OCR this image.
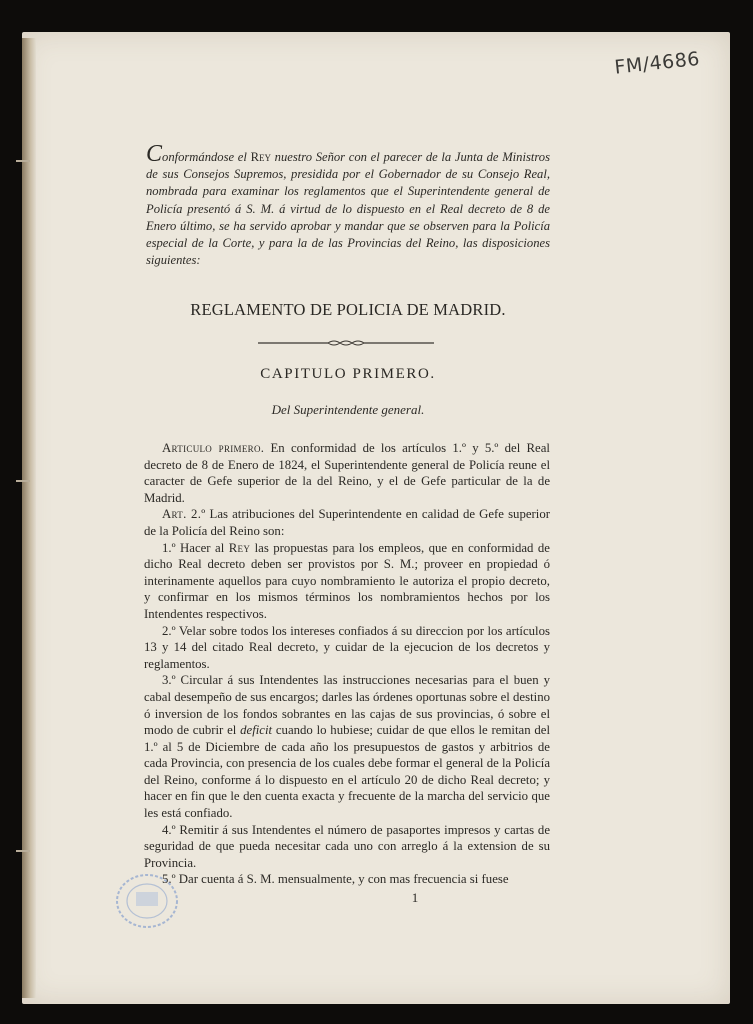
FM/4686
Conformándose el Rey nuestro Señor con el parecer de la Junta de Ministros de sus Consejos Supremos, presidida por el Gobernador de su Consejo Real, nombrada para examinar los reglamentos que el Superintendente general de Policía presentó á S. M. á virtud de lo dispuesto en el Real decreto de 8 de Enero último, se ha servido aprobar y mandar que se observen para la Policía especial de la Corte, y para la de las Provincias del Reino, las disposiciones siguientes:
REGLAMENTO DE POLICIA DE MADRID.
CAPITULO PRIMERO.
Del Superintendente general.

Articulo primero. En conformidad de los artículos 1.º y 5.º del Real decreto de 8 de Enero de 1824, el Superintendente general de Policía reune el caracter de Gefe superior de la del Reino, y el de Gefe particular de la de Madrid.

Art. 2.º Las atribuciones del Superintendente en calidad de Gefe superior de la Policía del Reino son:

1.º Hacer al Rey las propuestas para los empleos, que en conformidad de dicho Real decreto deben ser provistos por S. M.; proveer en propiedad ó interinamente aquellos para cuyo nombramiento le autoriza el propio decreto, y confirmar en los mismos términos los nombramientos hechos por los Intendentes respectivos.

2.º Velar sobre todos los intereses confiados á su direccion por los artículos 13 y 14 del citado Real decreto, y cuidar de la ejecucion de los decretos y reglamentos.

3.º Circular á sus Intendentes las instrucciones necesarias para el buen y cabal desempeño de sus encargos; darles las órdenes oportunas sobre el destino ó inversion de los fondos sobrantes en las cajas de sus provincias, ó sobre el modo de cubrir el deficit cuando lo hubiese; cuidar de que ellos le remitan del 1.º al 5 de Diciembre de cada año los presupuestos de gastos y arbitrios de cada Provincia, con presencia de los cuales debe formar el general de la Policía del Reino, conforme á lo dispuesto en el artículo 20 de dicho Real decreto; y hacer en fin que le den cuenta exacta y frecuente de la marcha del servicio que les está confiado.

4.º Remitir á sus Intendentes el número de pasaportes impresos y cartas de seguridad de que pueda necesitar cada uno con arreglo á la extension de su Provincia.

5.º Dar cuenta á S. M. mensualmente, y con mas frecuencia si fuese

1
